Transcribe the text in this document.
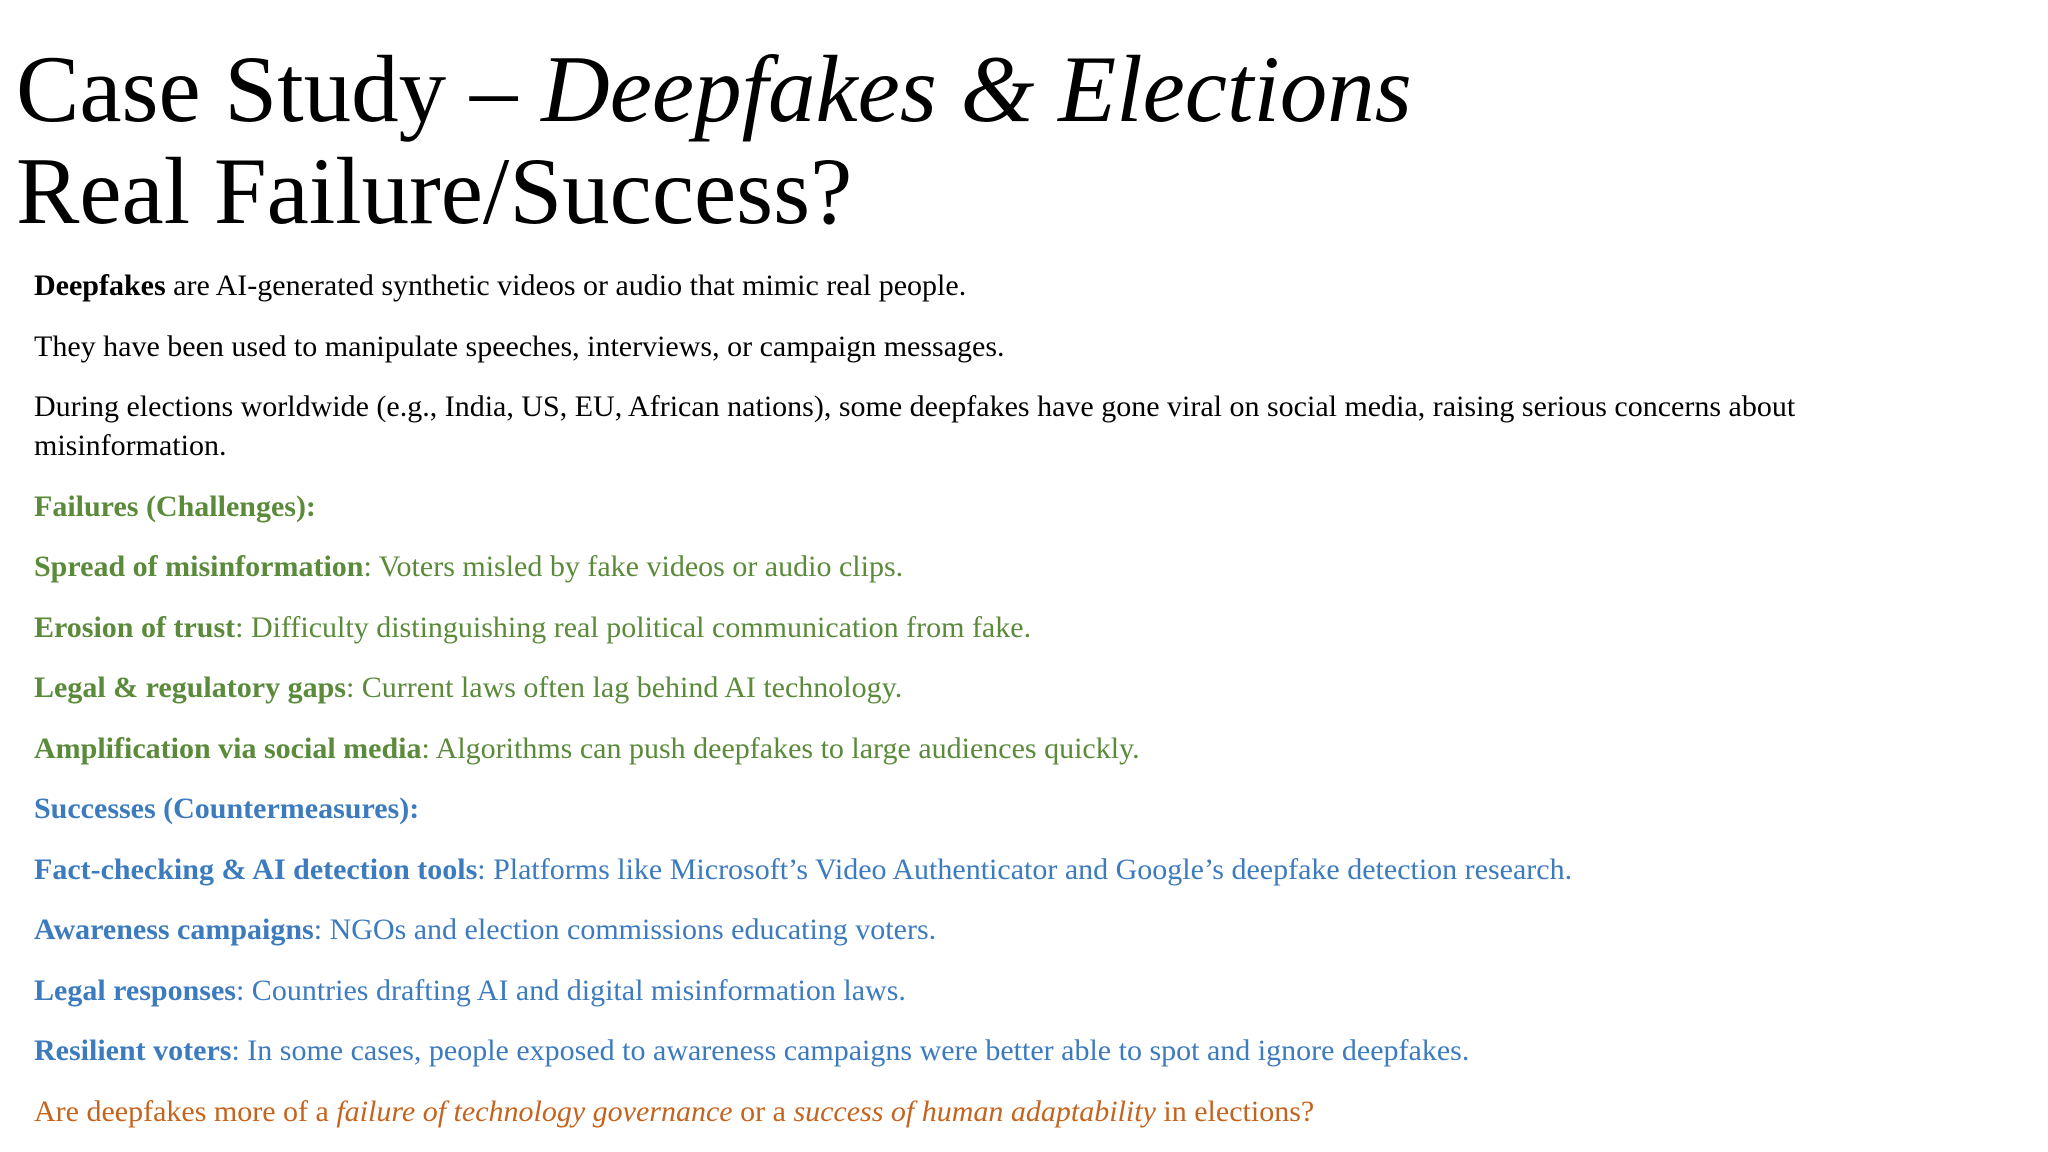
Case Study – Deepfakes & Elections
Real Failure/Success?

Deepfakes are AI-generated synthetic videos or audio that mimic real people.

They have been used to manipulate speeches, interviews, or campaign messages.

During elections worldwide (e.g., India, US, EU, African nations), some deepfakes have gone viral on social media, raising serious concerns about misinformation.

Failures (Challenges):

Spread of misinformation: Voters misled by fake videos or audio clips.

Erosion of trust: Difficulty distinguishing real political communication from fake.

Legal & regulatory gaps: Current laws often lag behind AI technology.

Amplification via social media: Algorithms can push deepfakes to large audiences quickly.

Successes (Countermeasures):

Fact-checking & AI detection tools: Platforms like Microsoft’s Video Authenticator and Google’s deepfake detection research.

Awareness campaigns: NGOs and election commissions educating voters.

Legal responses: Countries drafting AI and digital misinformation laws.

Resilient voters: In some cases, people exposed to awareness campaigns were better able to spot and ignore deepfakes.

Are deepfakes more of a failure of technology governance or a success of human adaptability in elections?
